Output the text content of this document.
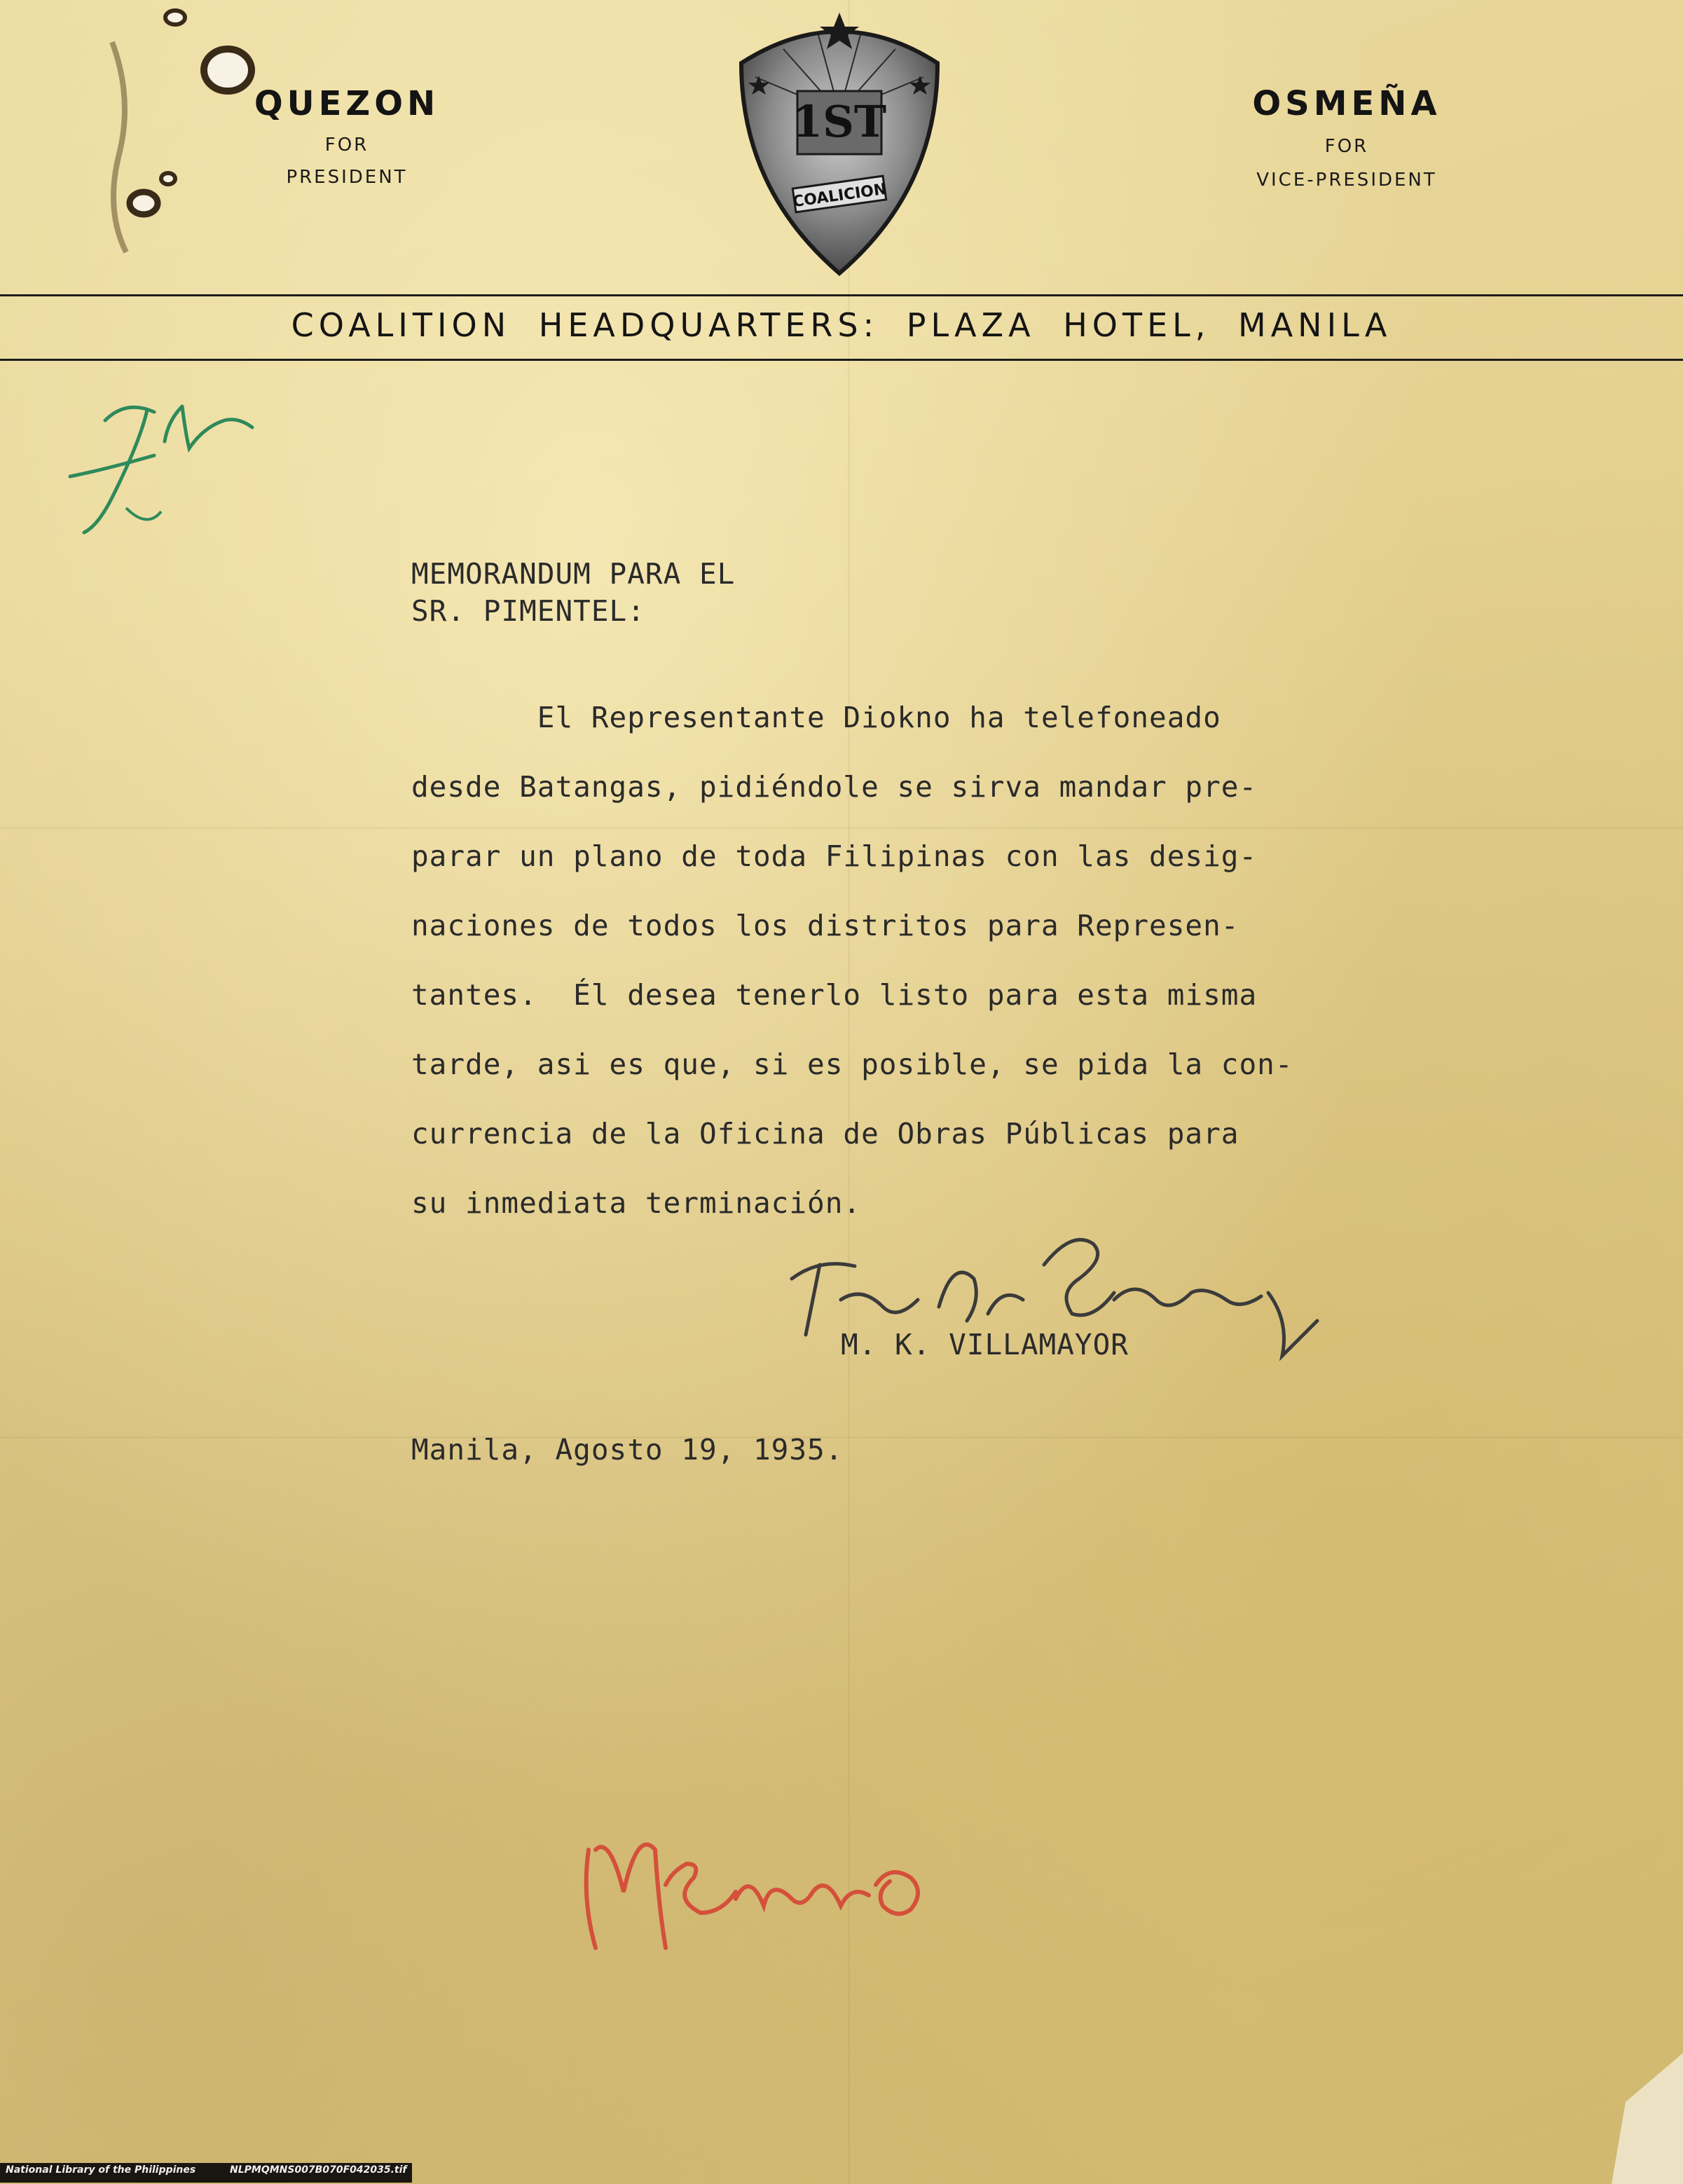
QUEZON
FOR
PRESIDENT
OSMEÑA
FOR
VICE-PRESIDENT
1ST
COALICION
COALITION HEADQUARTERS: PLAZA HOTEL, MANILA
MEMORANDUM PARA EL
SR. PIMENTEL:
El Representante Diokno ha telefoneado
desde Batangas, pidiéndole se sirva mandar pre-
parar un plano de toda Filipinas con las desig-
naciones de todos los distritos para Represen-
tantes.  Él desea tenerlo listo para esta misma
tarde, asi es que, si es posible, se pida la con-
currencia de la Oficina de Obras Públicas para
su inmediata terminación.
M. K. VILLAMAYOR
Manila, Agosto 19, 1935.
National Library of the Philippines	NLPMQMNS007B070F042035.tif
